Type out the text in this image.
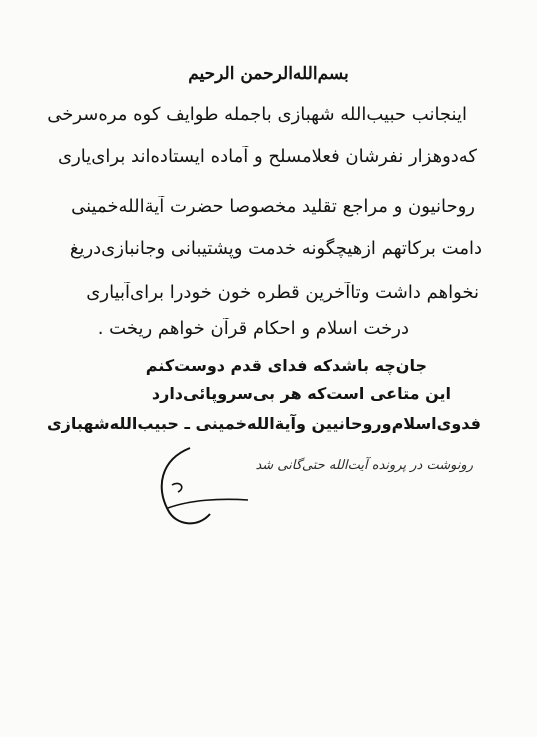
بسم‌الله‌الرحمن الرحیم
اینجانب حبیب‌الله شهبازی باجمله طوایف کوه مره‌سرخی
که‌دوهزار نفرشان فعلامسلح و آماده ایستاده‌اند برای‌یاری
روحانیون و مراجع تقلید مخصوصا حضرت آیةالله‌خمینی
دامت برکاتهم ازهیچگونه خدمت وپشتیبانی وجانبازی‌دریغ
نخواهم داشت وتاآخرین قطره خون خودرا برای‌آبیاری
درخت اسلام و احکام قرآن خواهم ریخت .
جان‌چه باشدکه فدای قدم دوست‌کنم
این متاعی است‌که هر بی‌سروپائی‌دارد
فدوی‌اسلام‌وروحانیین وآیةالله‌خمینی ـ حبیب‌الله‌شهبازی
رونوشت در پرونده آیت‌الله حتی‌گانی شد
